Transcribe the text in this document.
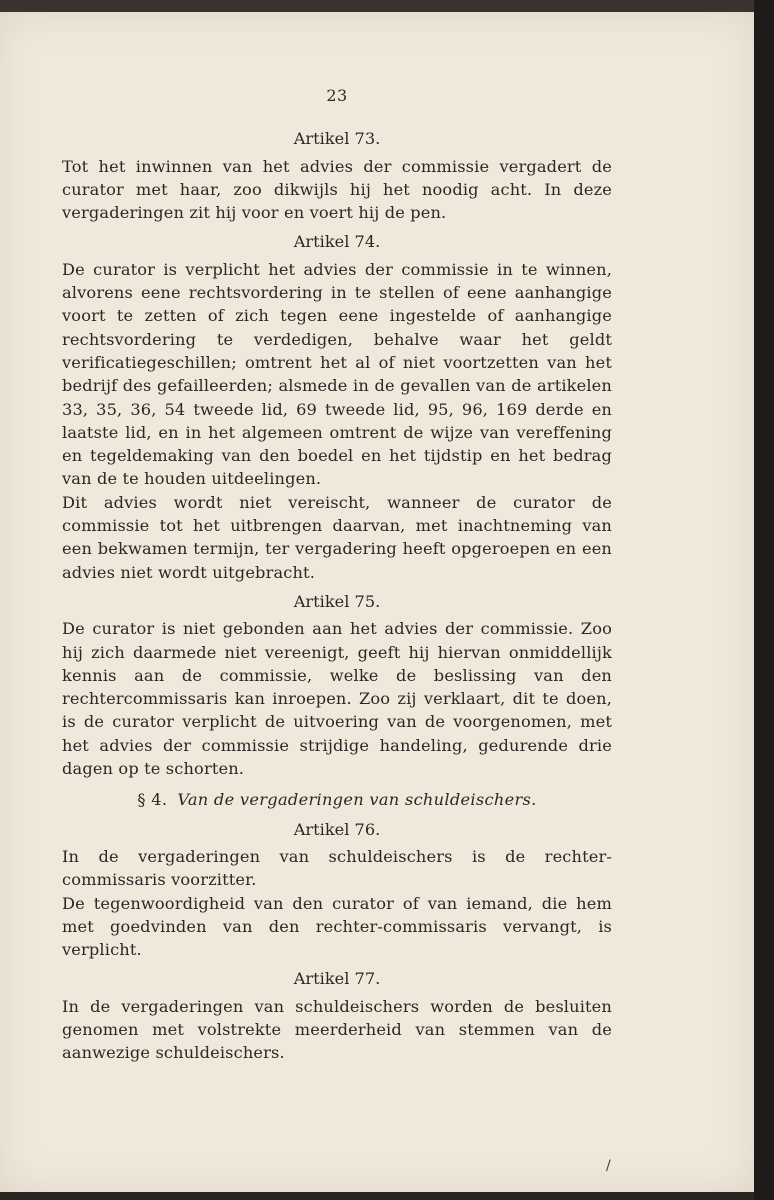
23
Artikel 73.

Tot het inwinnen van het advies der commissie vergadert de curator met haar, zoo dikwijls hij het noodig acht. In deze vergaderingen zit hij voor en voert hij de pen.

Artikel 74.

De curator is verplicht het advies der commissie in te winnen, alvorens eene rechtsvordering in te stellen of eene aanhangige voort te zetten of zich tegen eene ingestelde of aanhangige rechtsvordering te verdedigen, behalve waar het geldt verificatiegeschillen; omtrent het al of niet voortzetten van het bedrijf des gefailleerden; alsmede in de gevallen van de artikelen 33, 35, 36, 54 tweede lid, 69 tweede lid, 95, 96, 169 derde en laatste lid, en in het algemeen omtrent de wijze van vereffening en tegeldemaking van den boedel en het tijdstip en het bedrag van de te houden uitdeelingen.

Dit advies wordt niet vereischt, wanneer de curator de commissie tot het uitbrengen daarvan, met inachtneming van een bekwamen termijn, ter vergadering heeft opgeroepen en een advies niet wordt uitgebracht.

Artikel 75.

De curator is niet gebonden aan het advies der commissie. Zoo hij zich daarmede niet vereenigt, geeft hij hiervan onmiddellijk kennis aan de commissie, welke de beslissing van den rechtercommissaris kan inroepen. Zoo zij verklaart, dit te doen, is de curator verplicht de uitvoering van de voorgenomen, met het advies der commissie strijdige handeling, gedurende drie dagen op te schorten.

§ 4. Van de vergaderingen van schuldeischers.
Artikel 76.

In de vergaderingen van schuldeischers is de rechter-commissaris voorzitter.

De tegenwoordigheid van den curator of van iemand, die hem met goedvinden van den rechter-commissaris vervangt, is verplicht.

Artikel 77.

In de vergaderingen van schuldeischers worden de besluiten genomen met volstrekte meerderheid van stemmen van de aanwezige schuldeischers.

/
